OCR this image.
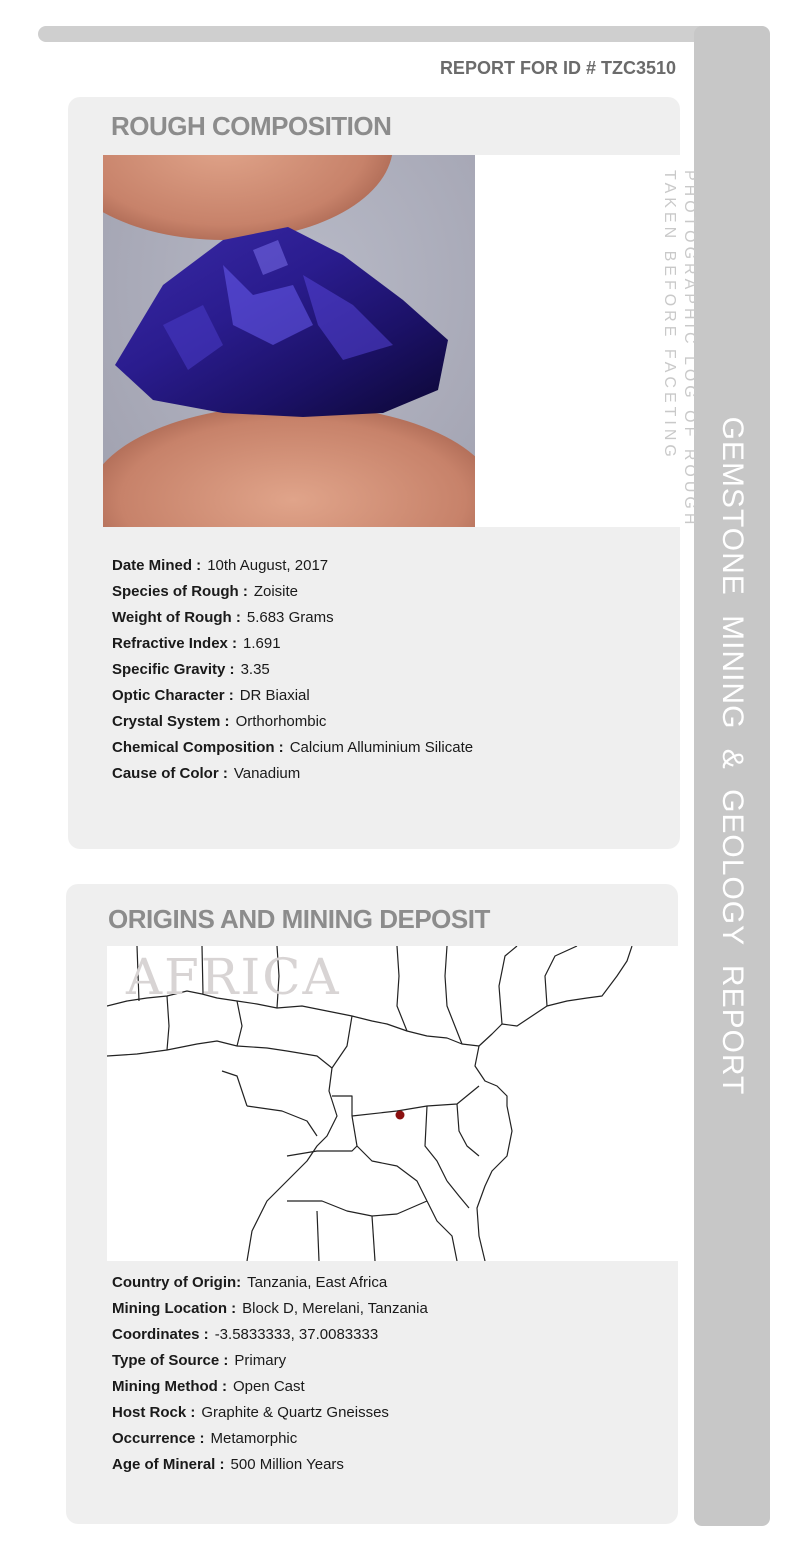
GEMSTONE MINING & GEOLOGY REPORT
REPORT FOR ID # TZC3510
ROUGH COMPOSITION
PHOTOGRAPHIC LOG OF ROUGH
TAKEN BEFORE FACETING
Date Mined : 10th August, 2017
Species of Rough : Zoisite
Weight of Rough : 5.683 Grams
Refractive Index : 1.691
Specific Gravity : 3.35
Optic Character : DR Biaxial
Crystal System : Orthorhombic
Chemical Composition : Calcium Alluminium Silicate
Cause of Color : Vanadium
ORIGINS AND MINING DEPOSIT
AFRICA
Country of Origin: Tanzania, East Africa
Mining Location : Block D, Merelani, Tanzania
Coordinates : -3.5833333, 37.0083333
Type of Source : Primary
Mining Method : Open Cast
Host Rock : Graphite & Quartz Gneisses
Occurrence : Metamorphic
Age of Mineral : 500 Million Years
